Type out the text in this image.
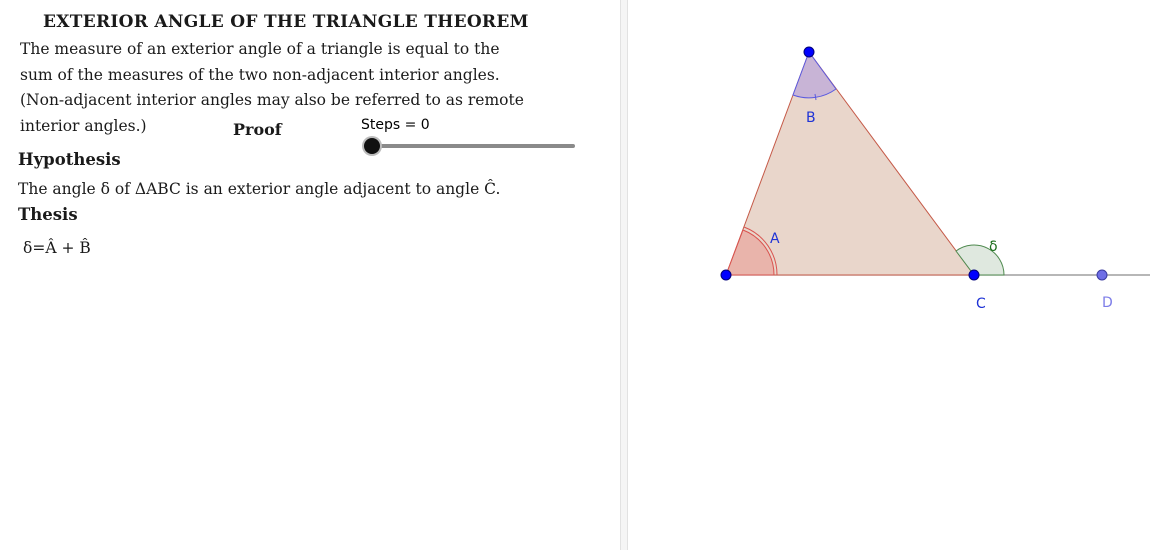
EXTERIOR ANGLE OF THE TRIANGLE THEOREM
The measure of an exterior angle of a triangle is equal to the
sum of the measures of the two non-adjacent interior angles.
(Non-adjacent interior angles may also be referred to as remote
interior angles.)	Proof	Steps = 0
Hypothesis
The angle δ of ΔABC is an exterior angle adjacent to angle Ĉ.
Thesis
δ=Â + B̂	A
B
C	D
δ
